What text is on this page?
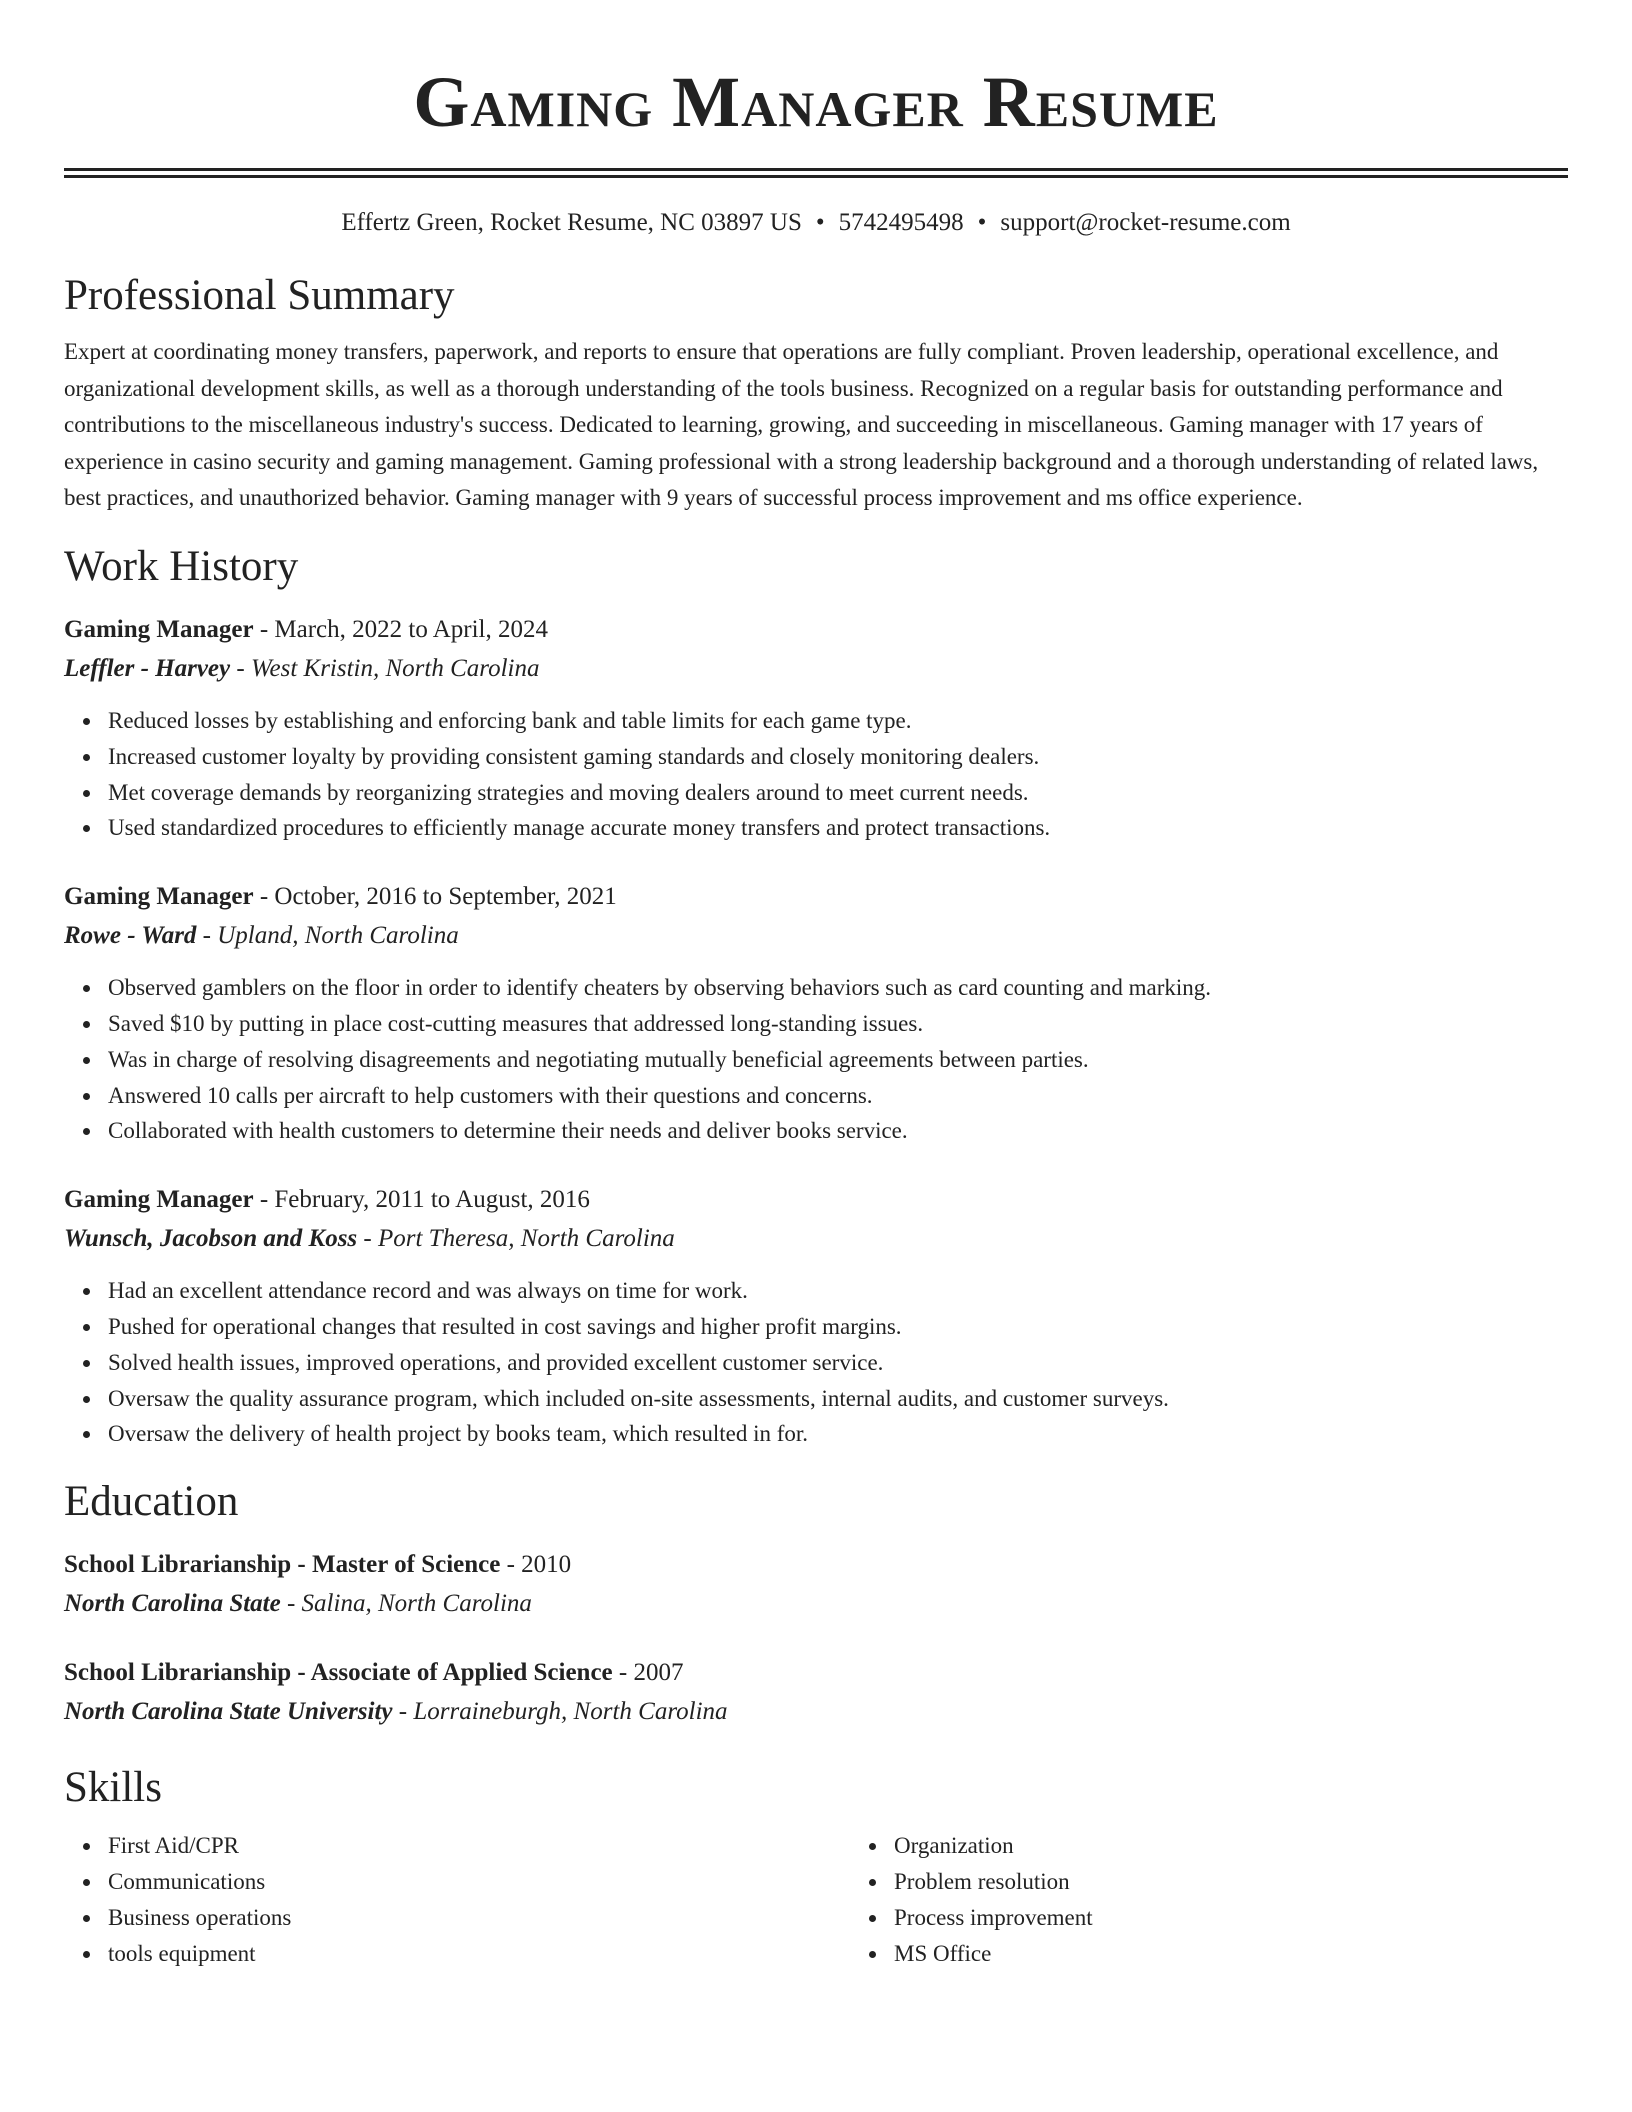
Gaming Manager Resume
Effertz Green, Rocket Resume, NC 03897 US • 5742495498 • support@rocket-resume.com
Professional Summary

Expert at coordinating money transfers, paperwork, and reports to ensure that operations are fully compliant. Proven leadership, operational excellence, and organizational development skills, as well as a thorough understanding of the tools business. Recognized on a regular basis for outstanding performance and contributions to the miscellaneous industry's success. Dedicated to learning, growing, and succeeding in miscellaneous. Gaming manager with 17 years of experience in casino security and gaming management. Gaming professional with a strong leadership background and a thorough understanding of related laws, best practices, and unauthorized behavior. Gaming manager with 9 years of successful process improvement and ms office experience.

Work History
Gaming Manager - March, 2022 to April, 2024
Leffler - Harvey - West Kristin, North Carolina
Reduced losses by establishing and enforcing bank and table limits for each game type.
Increased customer loyalty by providing consistent gaming standards and closely monitoring dealers.
Met coverage demands by reorganizing strategies and moving dealers around to meet current needs.
Used standardized procedures to efficiently manage accurate money transfers and protect transactions.
Gaming Manager - October, 2016 to September, 2021
Rowe - Ward - Upland, North Carolina
Observed gamblers on the floor in order to identify cheaters by observing behaviors such as card counting and marking.
Saved $10 by putting in place cost-cutting measures that addressed long-standing issues.
Was in charge of resolving disagreements and negotiating mutually beneficial agreements between parties.
Answered 10 calls per aircraft to help customers with their questions and concerns.
Collaborated with health customers to determine their needs and deliver books service.
Gaming Manager - February, 2011 to August, 2016
Wunsch, Jacobson and Koss - Port Theresa, North Carolina
Had an excellent attendance record and was always on time for work.
Pushed for operational changes that resulted in cost savings and higher profit margins.
Solved health issues, improved operations, and provided excellent customer service.
Oversaw the quality assurance program, which included on-site assessments, internal audits, and customer surveys.
Oversaw the delivery of health project by books team, which resulted in for.
Education
School Librarianship - Master of Science - 2010
North Carolina State - Salina, North Carolina
School Librarianship - Associate of Applied Science - 2007
North Carolina State University - Lorraineburgh, North Carolina
Skills
First Aid/CPR
Communications
Business operations
tools equipment
Organization
Problem resolution
Process improvement
MS Office
